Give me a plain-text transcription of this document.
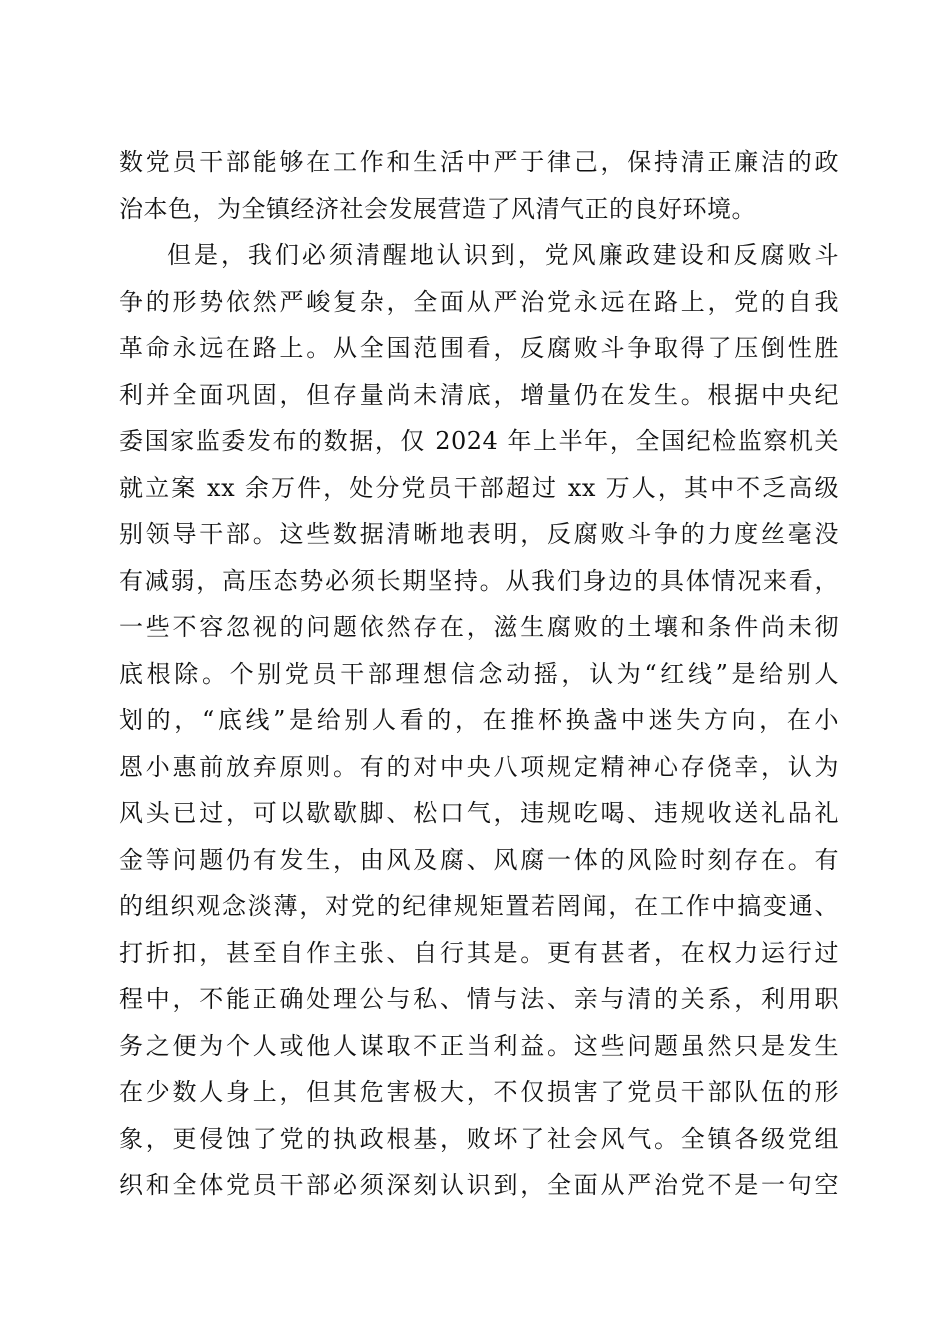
数党员干部能够在工作和生活中严于律己，保持清正廉洁的政
治本色，为全镇经济社会发展营造了风清气正的良好环境。
但是，我们必须清醒地认识到，党风廉政建设和反腐败斗
争的形势依然严峻复杂，全面从严治党永远在路上，党的自我
革命永远在路上。从全国范围看，反腐败斗争取得了压倒性胜
利并全面巩固，但存量尚未清底，增量仍在发生。根据中央纪
委国家监委发布的数据，仅 2024 年上半年，全国纪检监察机关
就立案 xx 余万件，处分党员干部超过 xx 万人，其中不乏高级
别领导干部。这些数据清晰地表明，反腐败斗争的力度丝毫没
有减弱，高压态势必须长期坚持。从我们身边的具体情况来看，
一些不容忽视的问题依然存在，滋生腐败的土壤和条件尚未彻
底根除。个别党员干部理想信念动摇，认为“红线”是给别人
划的，“底线”是给别人看的，在推杯换盏中迷失方向，在小
恩小惠前放弃原则。有的对中央八项规定精神心存侥幸，认为
风头已过，可以歇歇脚、松口气，违规吃喝、违规收送礼品礼
金等问题仍有发生，由风及腐、风腐一体的风险时刻存在。有
的组织观念淡薄，对党的纪律规矩置若罔闻，在工作中搞变通、
打折扣，甚至自作主张、自行其是。更有甚者，在权力运行过
程中，不能正确处理公与私、情与法、亲与清的关系，利用职
务之便为个人或他人谋取不正当利益。这些问题虽然只是发生
在少数人身上，但其危害极大，不仅损害了党员干部队伍的形
象，更侵蚀了党的执政根基，败坏了社会风气。全镇各级党组
织和全体党员干部必须深刻认识到，全面从严治党不是一句空
